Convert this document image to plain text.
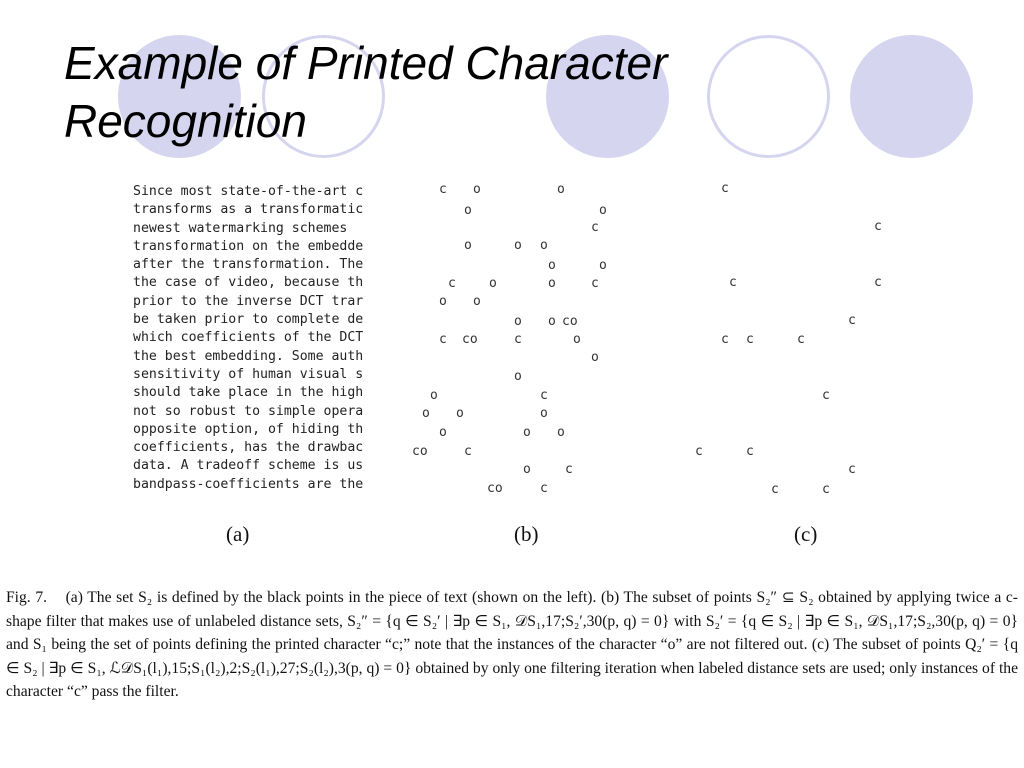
Example of Printed Character
Recognition
Since most state-of-the-art c
transforms as a transformatic
newest watermarking schemes
transformation on the embedde
after the transformation. The
the case of video, because th
prior to the inverse DCT trar
be taken prior to complete de
which coefficients of the DCT
the best embedding. Some auth
sensitivity of human visual s
should take place in the high
not so robust to simple opera
opposite option, of hiding th
coefficients, has the drawbac
data. A tradeoff scheme is us
bandpass-coefficients are the
c o	o
o	o
c
o	o o
o	o
c	o	o	c
o o
o o co
c co	c	o
o
o
o	c
o o	o
o	o o
co	c
o	c
co	c
c
c
c	c
c
c c	c
c
c	c
c
c	c
(a)	(b)	(c)

Fig. 7. (a) The set S₂ is defined by the black points in the piece of text (shown on the left). (b) The subset of points S₂″ ⊆ S₂ obtained by applying twice a c-shape filter that makes use of unlabeled distance sets, S₂″ = {q ∈ S₂′ | ∃p ∈ S₁, 𝒟S₁,17;S₂′,30(p, q) = 0} with S₂′ = {q ∈ S₂ | ∃p ∈ S₁, 𝒟S₁,17;S₂,30(p, q) = 0} and S₁ being the set of points defining the printed character “c;” note that the instances of the character “o” are not filtered out. (c) The subset of points Q₂′ = {q ∈ S₂ | ∃p ∈ S₁, ℒ𝒟S₁(l₁),15;S₁(l₂),2;S₂(l₁),27;S₂(l₂),3(p, q) = 0} obtained by only one filtering iteration when labeled distance sets are used; only instances of the character “c” pass the filter.
